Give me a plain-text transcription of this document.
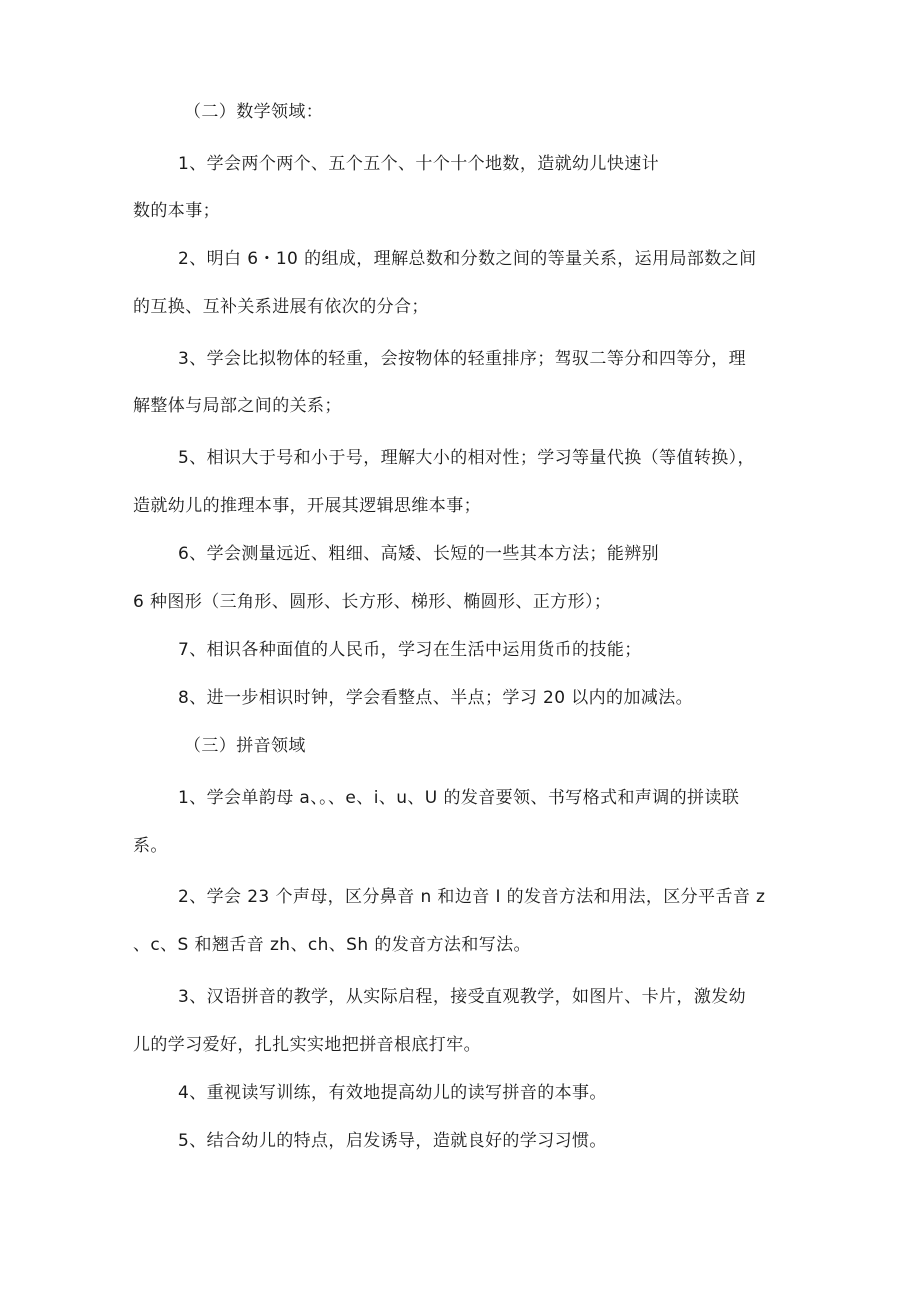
（二）数学领域：
1、学会两个两个、五个五个、十个十个地数，造就幼儿快速计
数的本事；
2、明白 6・10 的组成，理解总数和分数之间的等量关系，运用局部数之间
的互换、互补关系进展有依次的分合；
3、学会比拟物体的轻重，会按物体的轻重排序；驾驭二等分和四等分，理
解整体与局部之间的关系；
5、相识大于号和小于号，理解大小的相对性；学习等量代换（等值转换），
造就幼儿的推理本事，开展其逻辑思维本事；
6、学会测量远近、粗细、高矮、长短的一些其本方法；能辨别
6 种图形（三角形、圆形、长方形、梯形、椭圆形、正方形）；
7、相识各种面值的人民币，学习在生活中运用货币的技能；
8、进一步相识时钟，学会看整点、半点；学习 20 以内的加减法。
（三）拼音领域
1、学会单韵母 a、。、e、i、u、U 的发音要领、书写格式和声调的拼读联
系。
2、学会 23 个声母，区分鼻音 n 和边音 I 的发音方法和用法，区分平舌音 z
、c、S 和翘舌音 zh、ch、Sh 的发音方法和写法。
3、汉语拼音的教学，从实际启程，接受直观教学，如图片、卡片，激发幼
儿的学习爱好，扎扎实实地把拼音根底打牢。
4、重视读写训练，有效地提高幼儿的读写拼音的本事。
5、结合幼儿的特点，启发诱导，造就良好的学习习惯。
